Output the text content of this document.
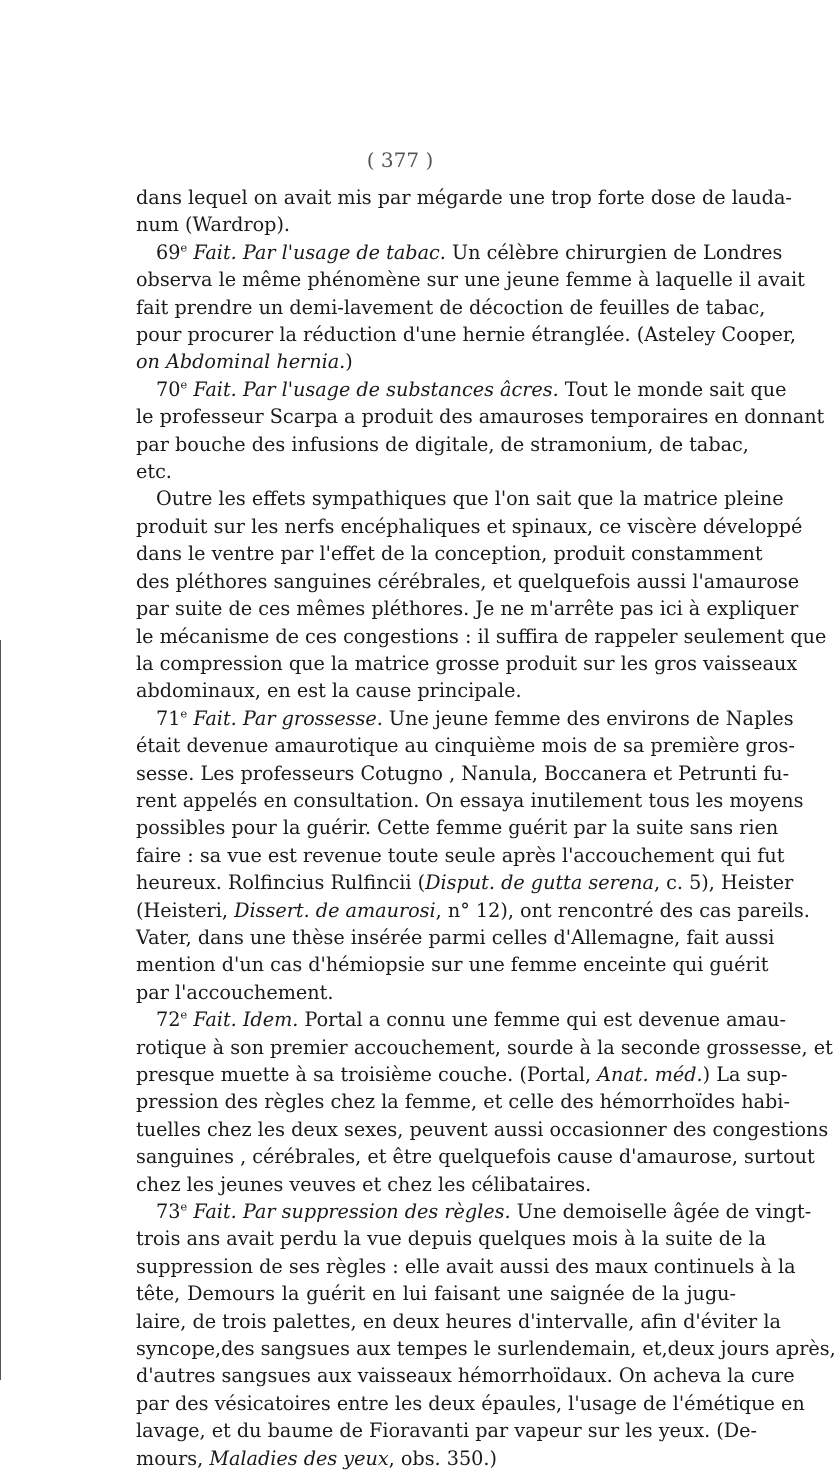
( 377 )
dans lequel on avait mis par mégarde une trop forte dose de lauda-
num (Wardrop).
69e Fait. Par l'usage de tabac. Un célèbre chirurgien de Londres
observa le même phénomène sur une jeune femme à laquelle il avait
fait prendre un demi-lavement de décoction de feuilles de tabac,
pour procurer la réduction d'une hernie étranglée. (Asteley Cooper,
on Abdominal hernia.)
70e Fait. Par l'usage de substances âcres. Tout le monde sait que
le professeur Scarpa a produit des amauroses temporaires en donnant
par bouche des infusions de digitale, de stramonium, de tabac,
etc.
Outre les effets sympathiques que l'on sait que la matrice pleine
produit sur les nerfs encéphaliques et spinaux, ce viscère développé
dans le ventre par l'effet de la conception, produit constamment
des pléthores sanguines cérébrales, et quelquefois aussi l'amaurose
par suite de ces mêmes pléthores. Je ne m'arrête pas ici à expliquer
le mécanisme de ces congestions : il suffira de rappeler seulement que
la compression que la matrice grosse produit sur les gros vaisseaux
abdominaux, en est la cause principale.
71e Fait. Par grossesse. Une jeune femme des environs de Naples
était devenue amaurotique au cinquième mois de sa première gros-
sesse. Les professeurs Cotugno , Nanula, Boccanera et Petrunti fu-
rent appelés en consultation. On essaya inutilement tous les moyens
possibles pour la guérir. Cette femme guérit par la suite sans rien
faire : sa vue est revenue toute seule après l'accouchement qui fut
heureux. Rolfincius Rulfincii (Disput. de gutta serena, c. 5), Heister
(Heisteri, Dissert. de amaurosi, n° 12), ont rencontré des cas pareils.
Vater, dans une thèse insérée parmi celles d'Allemagne, fait aussi
mention d'un cas d'hémiopsie sur une femme enceinte qui guérit
par l'accouchement.
72e Fait. Idem. Portal a connu une femme qui est devenue amau-
rotique à son premier accouchement, sourde à la seconde grossesse, et
presque muette à sa troisième couche. (Portal, Anat. méd.) La sup-
pression des règles chez la femme, et celle des hémorrhoïdes habi-
tuelles chez les deux sexes, peuvent aussi occasionner des congestions
sanguines , cérébrales, et être quelquefois cause d'amaurose, surtout
chez les jeunes veuves et chez les célibataires.
73e Fait. Par suppression des règles. Une demoiselle âgée de vingt-
trois ans avait perdu la vue depuis quelques mois à la suite de la
suppression de ses règles : elle avait aussi des maux continuels à la
tête, Demours la guérit en lui faisant une saignée de la jugu-
laire, de trois palettes, en deux heures d'intervalle, afin d'éviter la
syncope,des sangsues aux tempes le surlendemain, et,deux jours après,
d'autres sangsues aux vaisseaux hémorrhoïdaux. On acheva la cure
par des vésicatoires entre les deux épaules, l'usage de l'émétique en
lavage, et du baume de Fioravanti par vapeur sur les yeux. (De-
mours, Maladies des yeux, obs. 350.)
